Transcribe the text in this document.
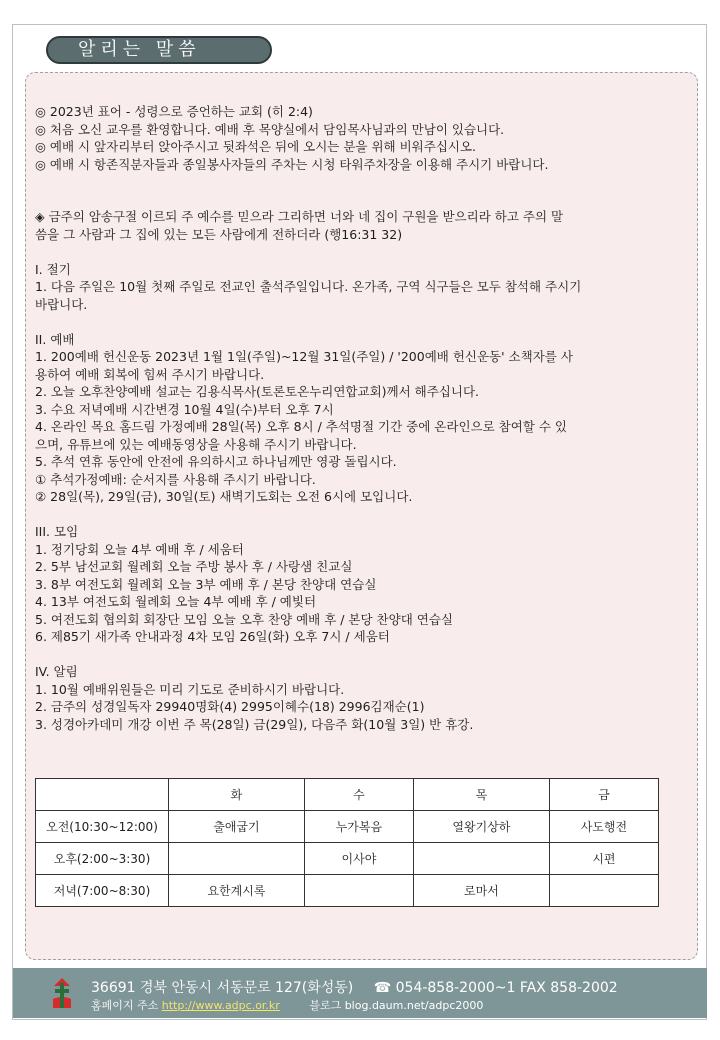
알리는 말씀

◎ 2023년 표어 - 성령으로 증언하는 교회 (히 2:4)

◎ 처음 오신 교우를 환영합니다. 예배 후 목양실에서 담임목사님과의 만남이 있습니다.

◎ 예배 시 앞자리부터 앉아주시고 뒷좌석은 뒤에 오시는 분을 위해 비워주십시오.

◎ 예배 시 항존직분자들과 종일봉사자들의 주차는 시청 타워주차장을 이용해 주시기 바랍니다.

◈ 금주의 암송구절 이르되 주 예수를 믿으라 그리하면 너와 네 집이 구원을 받으리라 하고 주의 말

씀을 그 사람과 그 집에 있는 모든 사람에게 전하더라 (행16:31 32)

I. 절기

1. 다음 주일은 10월 첫째 주일로 전교인 출석주일입니다. 온가족, 구역 식구들은 모두 참석해 주시기

바랍니다.

II. 예배

1. 200예배 헌신운동 2023년 1월 1일(주일)~12월 31일(주일) / '200예배 헌신운동' 소책자를 사

용하여 예배 회복에 힘써 주시기 바랍니다.

2. 오늘 오후찬양예배 설교는 김용식목사(토론토온누리연합교회)께서 해주십니다.

3. 수요 저녁예배 시간변경 10월 4일(수)부터 오후 7시

4. 온라인 목요 홈드림 가정예배 28일(목) 오후 8시 / 추석명절 기간 중에 온라인으로 참여할 수 있

으며, 유튜브에 있는 예배동영상을 사용해 주시기 바랍니다.

5. 추석 연휴 동안에 안전에 유의하시고 하나님께만 영광 돌립시다.

① 추석가정예배: 순서지를 사용해 주시기 바랍니다.

② 28일(목), 29일(금), 30일(토) 새벽기도회는 오전 6시에 모입니다.

III. 모임

1. 정기당회 오늘 4부 예배 후 / 세움터

2. 5부 남선교회 월례회 오늘 주방 봉사 후 / 사랑샘 친교실

3. 8부 여전도회 월례회 오늘 3부 예배 후 / 본당 찬양대 연습실

4. 13부 여전도회 월례회 오늘 4부 예배 후 / 예빛터

5. 여전도회 협의회 회장단 모임 오늘 오후 찬양 예배 후 / 본당 찬양대 연습실

6. 제85기 새가족 안내과정 4차 모임 26일(화) 오후 7시 / 세움터

IV. 알림

1. 10월 예배위원들은 미리 기도로 준비하시기 바랍니다.

2. 금주의 성경일독자 29940명화(4) 2995이혜수(18) 2996김재순(1)

3. 성경아카데미 개강 이번 주 목(28일) 금(29일), 다음주 화(10월 3일) 반 휴강.

	화	수	목	금
오전(10:30~12:00)	출애굽기	누가복음	열왕기상하	사도행전
오후(2:00~3:30)		이사야		시편
저녁(7:00~8:30)	요한계시록		로마서	
36691 경북 안동시 서동문로 127(화성동) ☎ 054-858-2000~1 FAX 858-2002
홈페이지 주소 http://www.adpc.or.kr	블로그 blog.daum.net/adpc2000
